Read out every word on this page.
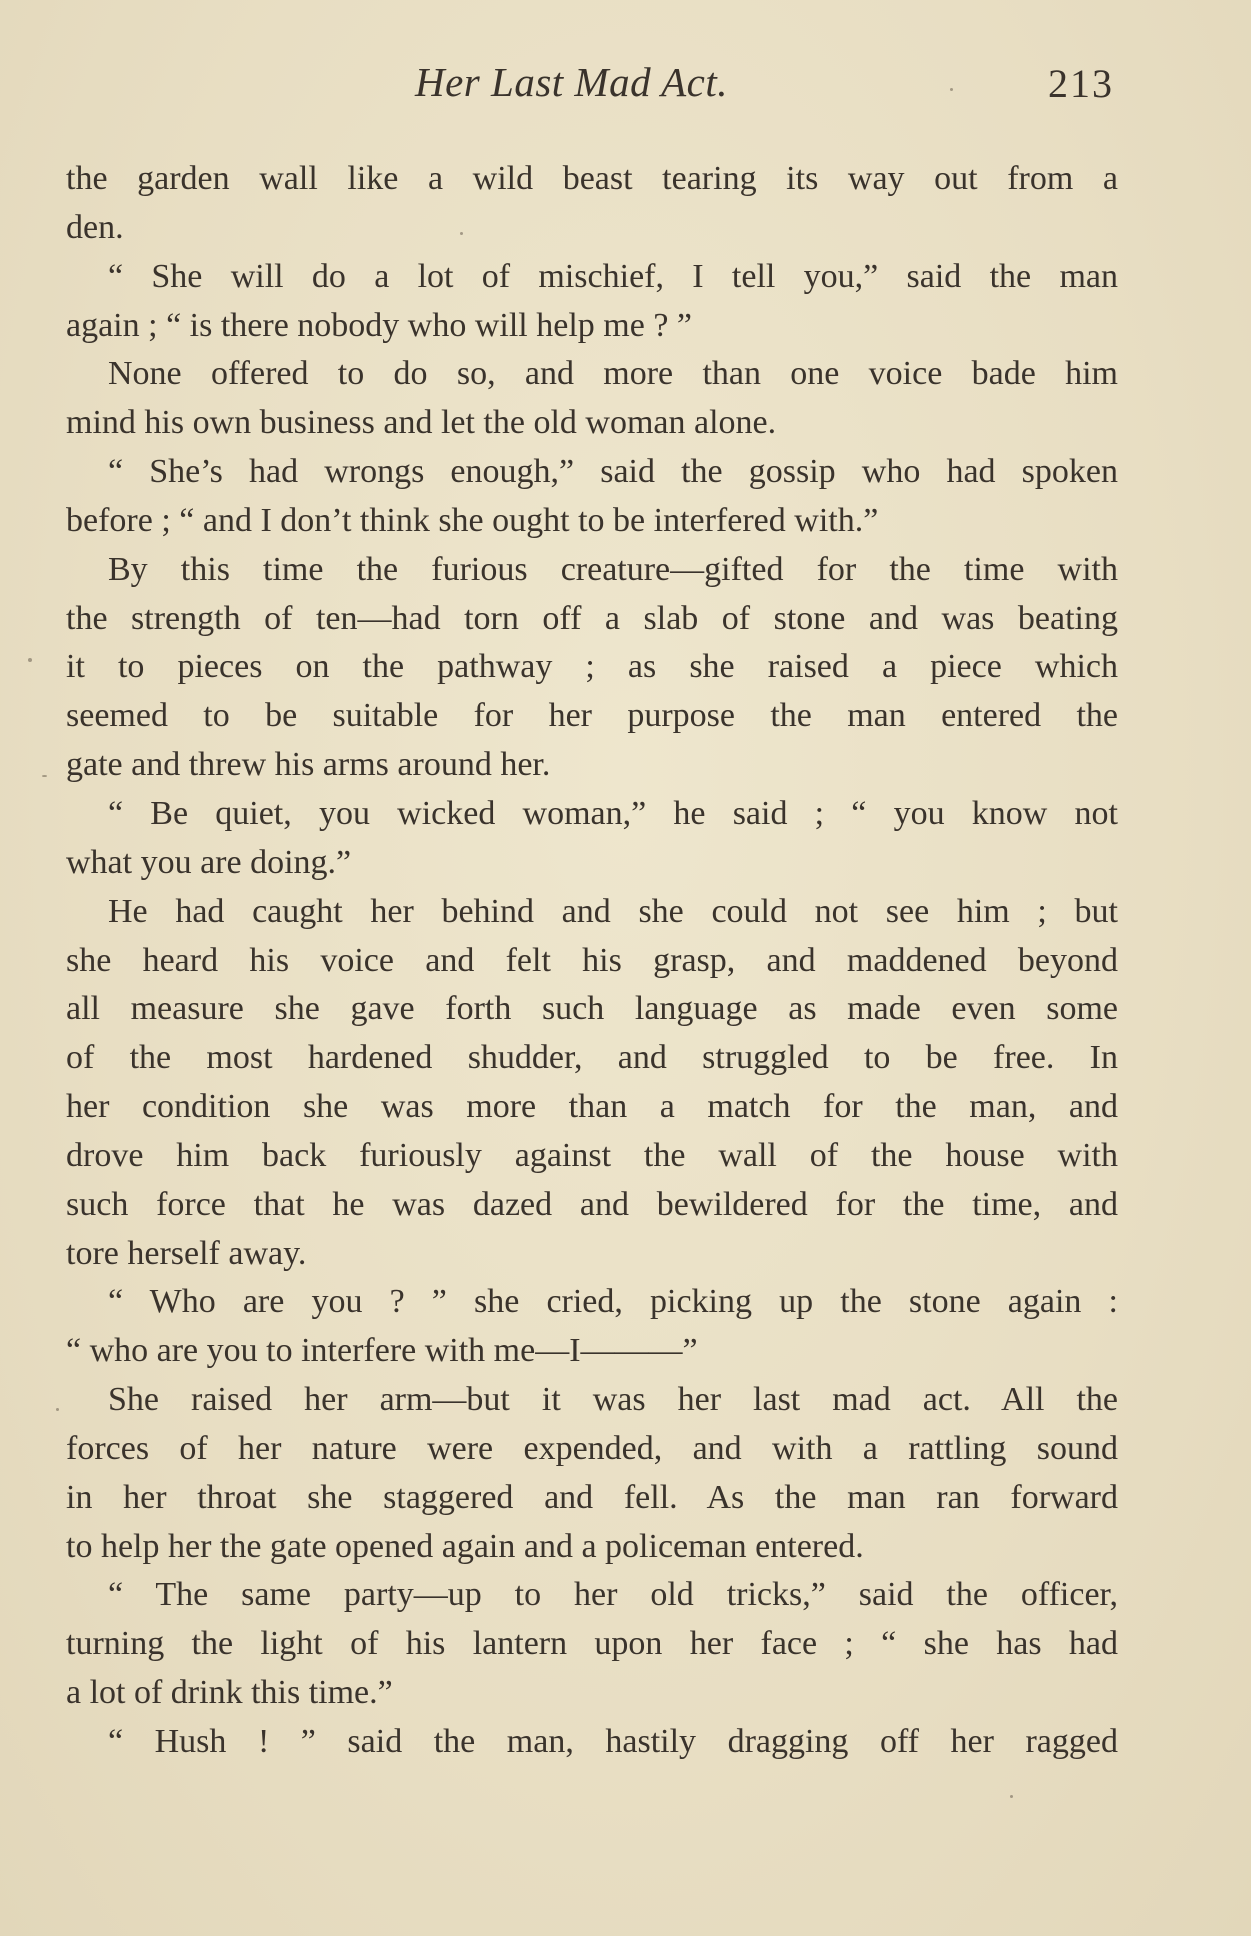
Her Last Mad Act.	213
the garden wall like a wild beast tearing its way out from a
den.
“ She will do a lot of mischief, I tell you,” said the man
again ; “ is there nobody who will help me ? ”
None offered to do so, and more than one voice bade him
mind his own business and let the old woman alone.
“ She’s had wrongs enough,” said the gossip who had spoken
before ; “ and I don’t think she ought to be interfered with.”
By this time the furious creature—gifted for the time with
the strength of ten—had torn off a slab of stone and was beating
it to pieces on the pathway ; as she raised a piece which
seemed to be suitable for her purpose the man entered the
gate and threw his arms around her.
“ Be quiet, you wicked woman,” he said ; “ you know not
what you are doing.”
He had caught her behind and she could not see him ; but
she heard his voice and felt his grasp, and maddened beyond
all measure she gave forth such language as made even some
of the most hardened shudder, and struggled to be free. In
her condition she was more than a match for the man, and
drove him back furiously against the wall of the house with
such force that he was dazed and bewildered for the time, and
tore herself away.
“ Who are you ? ” she cried, picking up the stone again :
“ who are you to interfere with me—I———”
She raised her arm—but it was her last mad act. All the
forces of her nature were expended, and with a rattling sound
in her throat she staggered and fell. As the man ran forward
to help her the gate opened again and a policeman entered.
“ The same party—up to her old tricks,” said the officer,
turning the light of his lantern upon her face ; “ she has had
a lot of drink this time.”
“ Hush ! ” said the man, hastily dragging off her ragged
